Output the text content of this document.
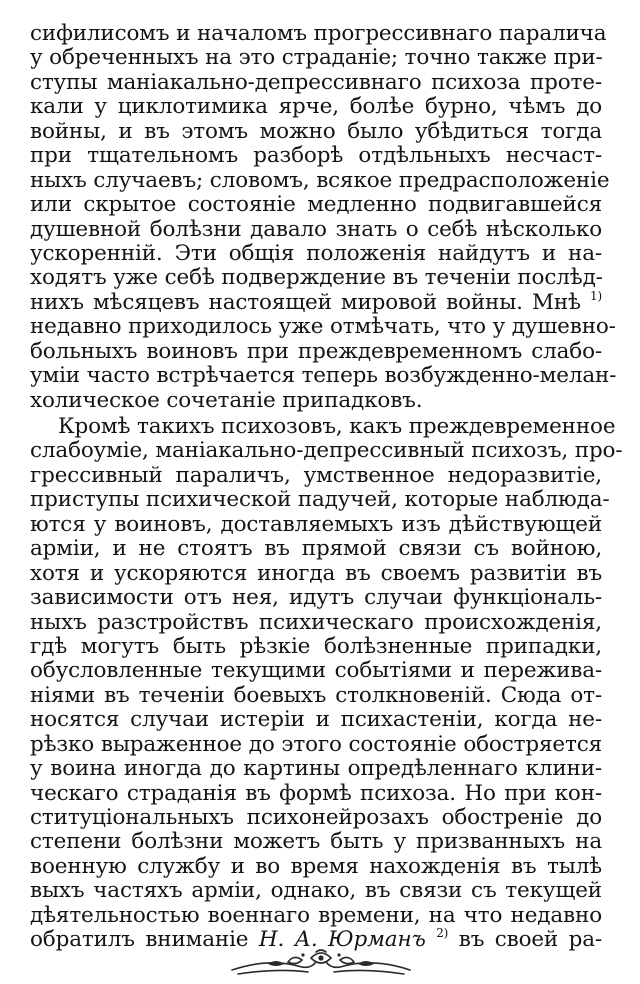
сифилисомъ и началомъ прогрессивнаго паралича
у обреченныхъ на это страданіе; точно также при-
ступы маніакально-депрессивнаго психоза проте-
кали у циклотимика ярче, болѣе бурно, чѣмъ до
войны, и въ этомъ можно было убѣдиться тогда
при тщательномъ разборѣ отдѣльныхъ несчаст-
ныхъ случаевъ; словомъ, всякое предрасположеніе
или скрытое состояніе медленно подвигавшейся
душевной болѣзни давало знать о себѣ нѣсколько
ускоренній. Эти общія положенія найдутъ и на-
ходятъ уже себѣ подверждение въ теченіи послѣд-
нихъ мѣсяцевъ настоящей мировой войны. Мнѣ $^{1)}$
недавно приходилось уже отмѣчать, что у душевно-
больныхъ воиновъ при преждевременномъ слабо-
уміи часто встрѣчается теперь возбужденно-мелан-
холическое сочетаніе припадковъ.
Кромѣ такихъ психозовъ, какъ преждевременное
слабоуміе, маніакально-депрессивный психозъ, про-
грессивный параличъ, умственное недоразвитіе,
приступы психической падучей, которые наблюда-
ются у воиновъ, доставляемыхъ изъ дѣйствующей
арміи, и не стоятъ въ прямой связи съ войною,
хотя и ускоряются иногда въ своемъ развитіи въ
зависимости отъ нея, идутъ случаи функціональ-
ныхъ разстройствъ психическаго происхожденія,
гдѣ могутъ быть рѣзкіе болѣзненные припадки,
обусловленные текущими событіями и пережива-
ніями въ теченіи боевыхъ столкновеній. Сюда от-
носятся случаи истеріи и психастеніи, когда не-
рѣзко выраженное до этого состояніе обостряется
у воина иногда до картины опредѣленнаго клини-
ческаго страданія въ формѣ психоза. Но при кон-
ституціональныхъ психонейрозахъ обостреніе до
степени болѣзни можетъ быть у призванныхъ на
военную службу и во время нахожденія въ тылѣ
выхъ частяхъ арміи, однако, въ связи съ текущей
дѣятельностью военнаго времени, на что недавно
обратилъ вниманіе Н. А. Юрманъ $^{2)}$ въ своей ра-
